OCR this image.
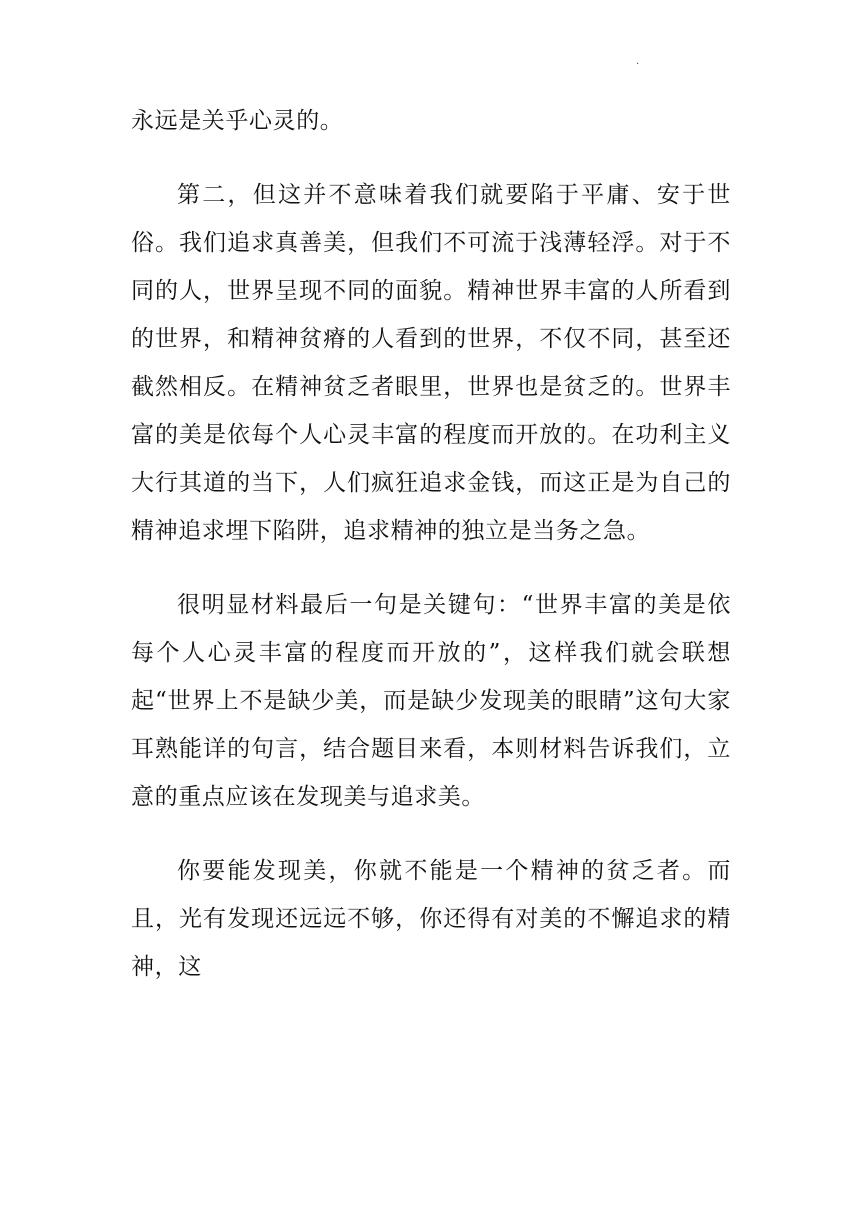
.

永远是关乎心灵的。

第二，但这并不意味着我们就要陷于平庸、安于世俗。我们追求真善美，但我们不可流于浅薄轻浮。对于不同的人，世界呈现不同的面貌。精神世界丰富的人所看到的世界，和精神贫瘠的人看到的世界，不仅不同，甚至还截然相反。在精神贫乏者眼里，世界也是贫乏的。世界丰富的美是依每个人心灵丰富的程度而开放的。在功利主义大行其道的当下，人们疯狂追求金钱，而这正是为自己的精神追求埋下陷阱，追求精神的独立是当务之急。

很明显材料最后一句是关键句：“世界丰富的美是依每个人心灵丰富的程度而开放的”，这样我们就会联想起“世界上不是缺少美，而是缺少发现美的眼睛”这句大家耳熟能详的句言，结合题目来看，本则材料告诉我们，立意的重点应该在发现美与追求美。

你要能发现美，你就不能是一个精神的贫乏者。而且，光有发现还远远不够，你还得有对美的不懈追求的精神，这
